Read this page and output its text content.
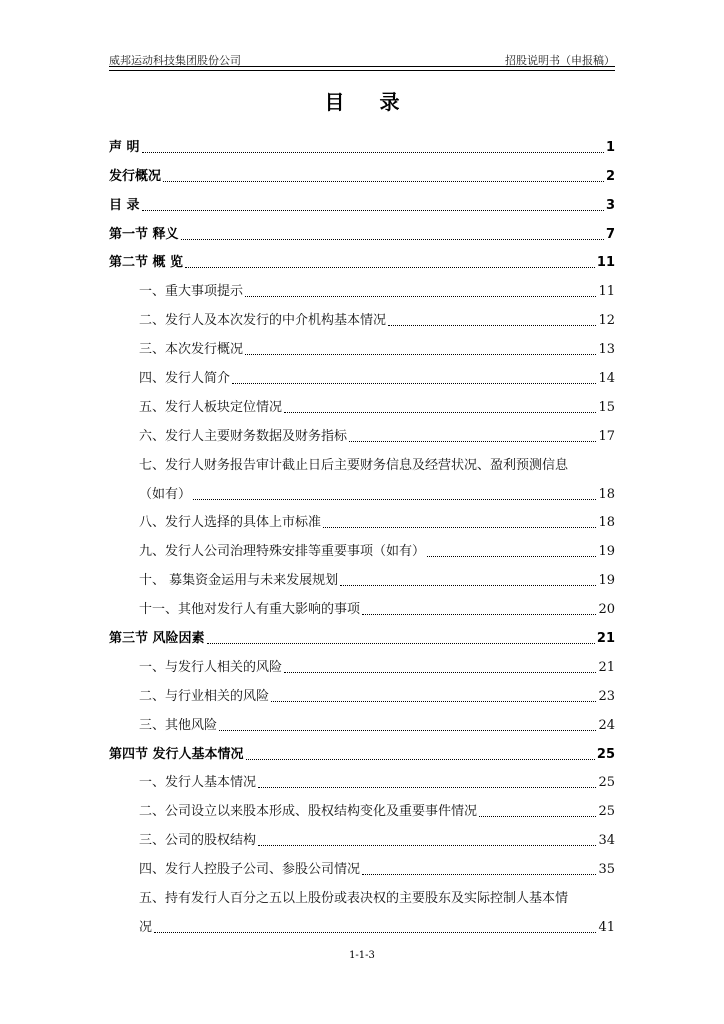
威邦运动科技集团股份公司	招股说明书（申报稿）
目 录
声 明	1
发行概况	2
目 录	3
第一节 释义	7
第二节 概 览	11
一、重大事项提示	11
二、发行人及本次发行的中介机构基本情况	12
三、本次发行概况	13
四、发行人简介	14
五、发行人板块定位情况	15
六、发行人主要财务数据及财务指标	17
七、发行人财务报告审计截止日后主要财务信息及经营状况、盈利预测信息
（如有）	18
八、发行人选择的具体上市标准	18
九、发行人公司治理特殊安排等重要事项（如有）	19
十、 募集资金运用与未来发展规划	19
十一、其他对发行人有重大影响的事项	20
第三节 风险因素	21
一、与发行人相关的风险	21
二、与行业相关的风险	23
三、其他风险	24
第四节 发行人基本情况	25
一、发行人基本情况	25
二、公司设立以来股本形成、股权结构变化及重要事件情况	25
三、公司的股权结构	34
四、发行人控股子公司、参股公司情况	35
五、持有发行人百分之五以上股份或表决权的主要股东及实际控制人基本情
况	41
1-1-3
